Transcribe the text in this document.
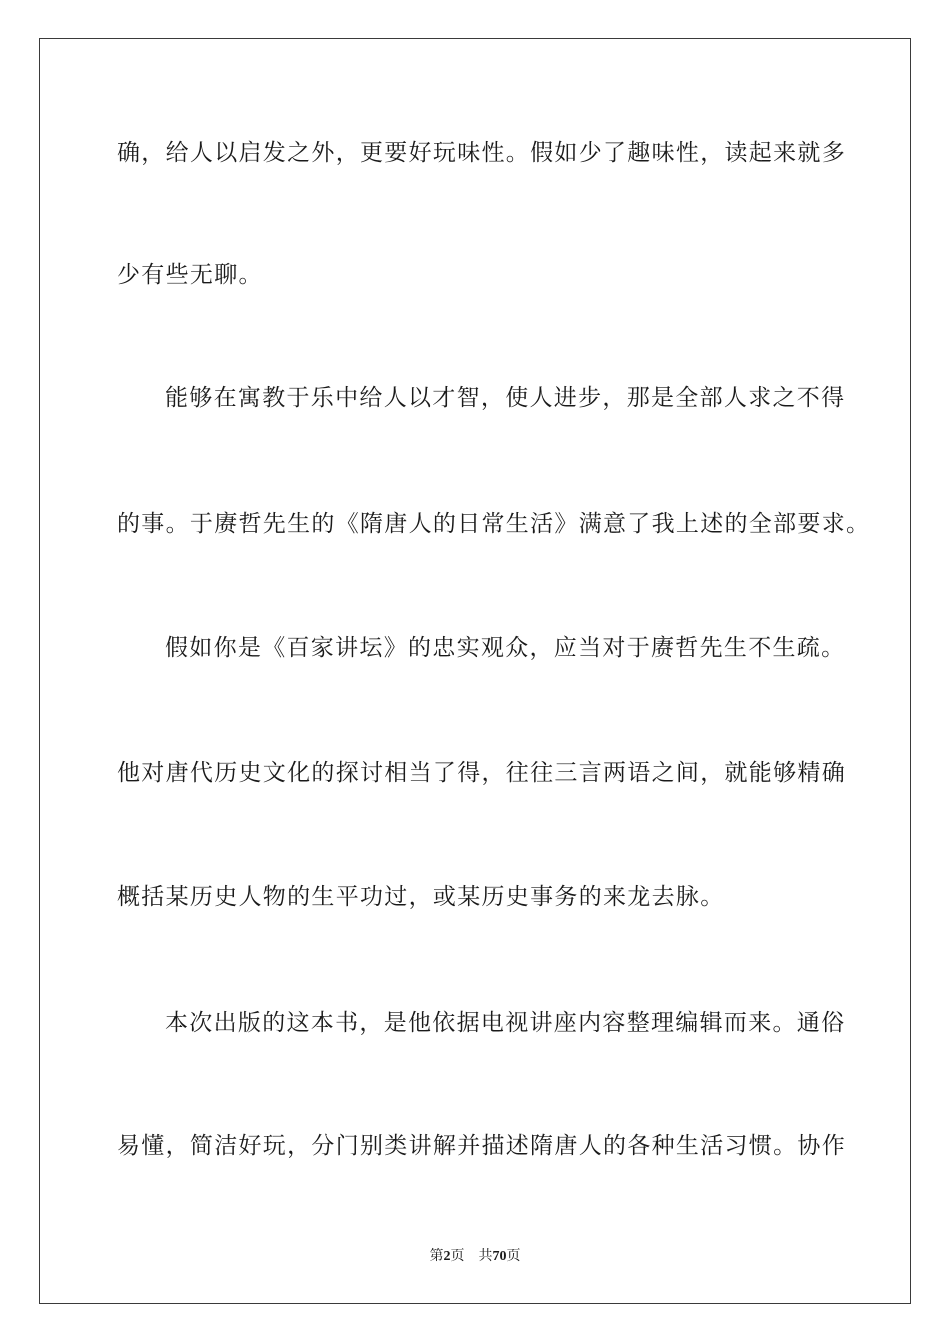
确，给人以启发之外，更要好玩味性。假如少了趣味性，读起来就多
少有些无聊。
能够在寓教于乐中给人以才智，使人进步，那是全部人求之不得
的事。于赓哲先生的《隋唐人的日常生活》满意了我上述的全部要求。
假如你是《百家讲坛》的忠实观众，应当对于赓哲先生不生疏。
他对唐代历史文化的探讨相当了得，往往三言两语之间，就能够精确
概括某历史人物的生平功过，或某历史事务的来龙去脉。
本次出版的这本书，是他依据电视讲座内容整理编辑而来。通俗
易懂，简洁好玩，分门别类讲解并描述隋唐人的各种生活习惯。协作
第2页 共70页
